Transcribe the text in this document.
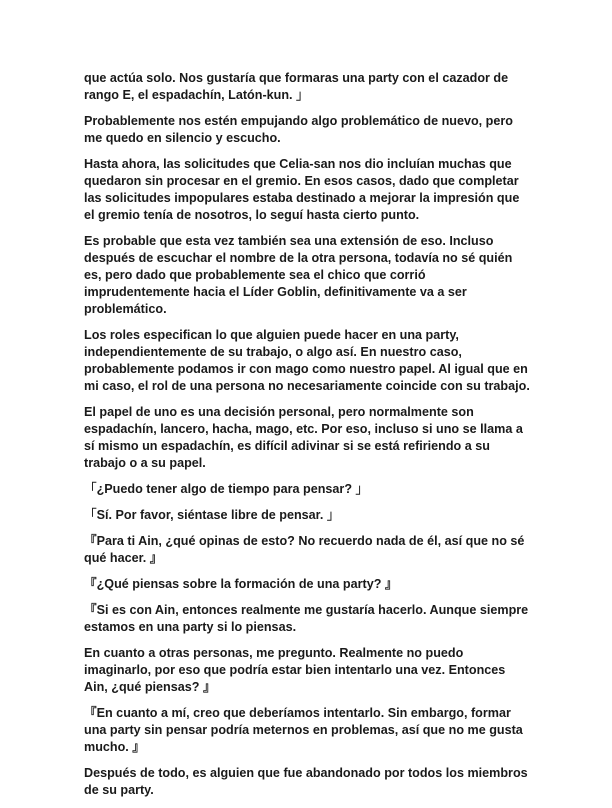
que actúa solo. Nos gustaría que formaras una party con el cazador de rango E, el espadachín, Latón-kun. 」

Probablemente nos estén empujando algo problemático de nuevo, pero me quedo en silencio y escucho.

Hasta ahora, las solicitudes que Celia-san nos dio incluían muchas que quedaron sin procesar en el gremio. En esos casos, dado que completar las solicitudes impopulares estaba destinado a mejorar la impresión que el gremio tenía de nosotros, lo seguí hasta cierto punto.

Es probable que esta vez también sea una extensión de eso. Incluso después de escuchar el nombre de la otra persona, todavía no sé quién es, pero dado que probablemente sea el chico que corrió imprudentemente hacia el Líder Goblin, definitivamente va a ser problemático.

Los roles especifican lo que alguien puede hacer en una party, independientemente de su trabajo, o algo así. En nuestro caso, probablemente podamos ir con mago como nuestro papel. Al igual que en mi caso, el rol de una persona no necesariamente coincide con su trabajo.

El papel de uno es una decisión personal, pero normalmente son espadachín, lancero, hacha, mago, etc. Por eso, incluso si uno se llama a sí mismo un espadachín, es difícil adivinar si se está refiriendo a su trabajo o a su papel.

「¿Puedo tener algo de tiempo para pensar? 」

「Sí. Por favor, siéntase libre de pensar. 」

『Para ti Ain, ¿qué opinas de esto? No recuerdo nada de él, así que no sé qué hacer. 』

『¿Qué piensas sobre la formación de una party? 』

『Si es con Ain, entonces realmente me gustaría hacerlo. Aunque siempre estamos en una party si lo piensas.

En cuanto a otras personas, me pregunto. Realmente no puedo imaginarlo, por eso que podría estar bien intentarlo una vez. Entonces Ain, ¿qué piensas? 』

『En cuanto a mí, creo que deberíamos intentarlo. Sin embargo, formar una party sin pensar podría meternos en problemas, así que no me gusta mucho. 』

Después de todo, es alguien que fue abandonado por todos los miembros de su party.
